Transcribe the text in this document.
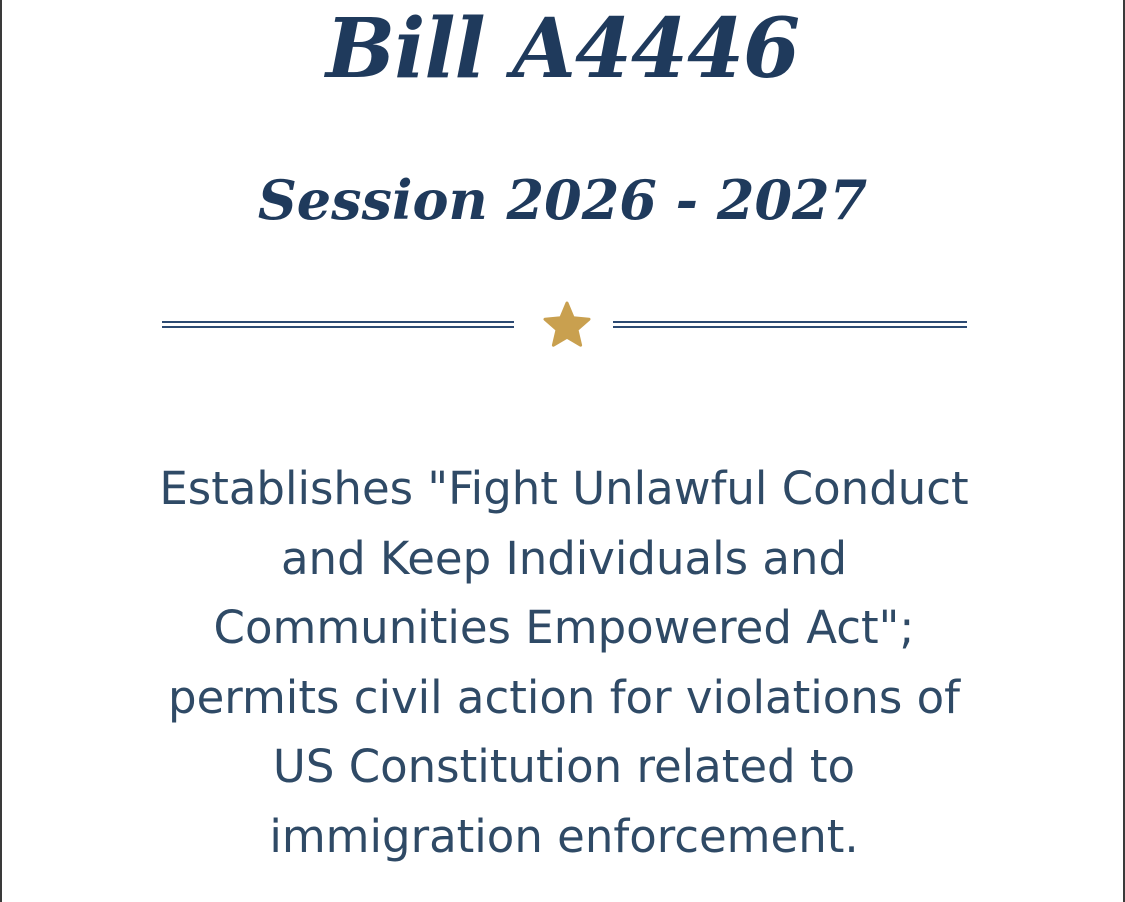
Bill A4446
Session 2026 - 2027

Establishes "Fight Unlawful Conduct
and Keep Individuals and
Communities Empowered Act";
permits civil action for violations of
US Constitution related to
immigration enforcement.
